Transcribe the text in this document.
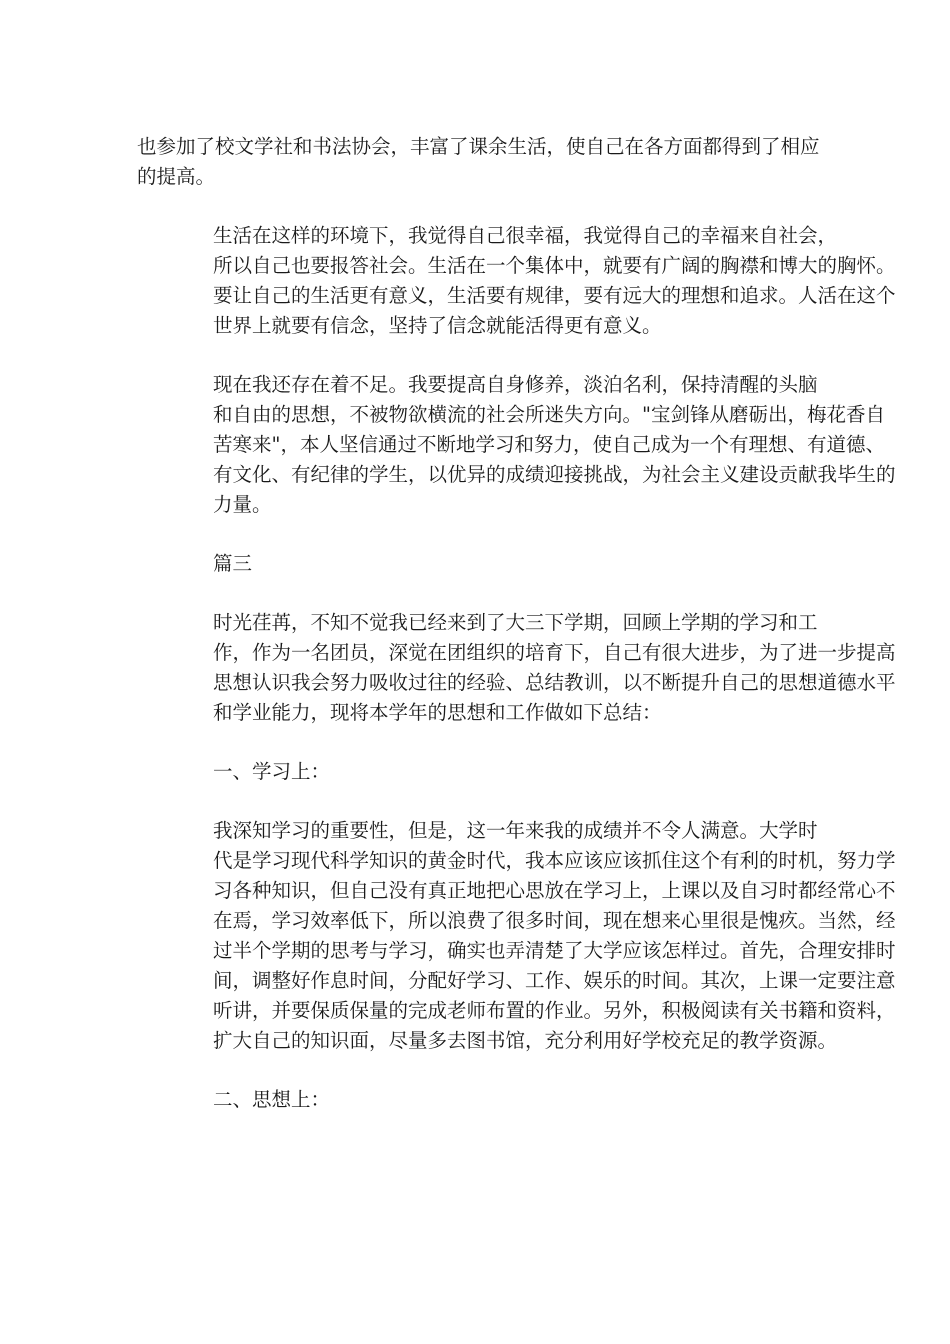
也参加了校文学社和书法协会，丰富了课余生活，使自己在各方面都得到了相应
的提高。

生活在这样的环境下，我觉得自己很幸福，我觉得自己的幸福来自社会，
所以自己也要报答社会。生活在一个集体中，就要有广阔的胸襟和博大的胸怀。
要让自己的生活更有意义，生活要有规律，要有远大的理想和追求。人活在这个
世界上就要有信念，坚持了信念就能活得更有意义。

现在我还存在着不足。我要提高自身修养，淡泊名利，保持清醒的头脑
和自由的思想，不被物欲横流的社会所迷失方向。"宝剑锋从磨砺出，梅花香自
苦寒来"，本人坚信通过不断地学习和努力，使自己成为一个有理想、有道德、
有文化、有纪律的学生，以优异的成绩迎接挑战，为社会主义建设贡献我毕生的
力量。

篇三

时光荏苒，不知不觉我已经来到了大三下学期，回顾上学期的学习和工
作，作为一名团员，深觉在团组织的培育下，自己有很大进步，为了进一步提高
思想认识我会努力吸收过往的经验、总结教训，以不断提升自己的思想道德水平
和学业能力，现将本学年的思想和工作做如下总结：

一、学习上：

我深知学习的重要性，但是，这一年来我的成绩并不令人满意。大学时
代是学习现代科学知识的黄金时代，我本应该应该抓住这个有利的时机，努力学
习各种知识，但自己没有真正地把心思放在学习上，上课以及自习时都经常心不
在焉，学习效率低下，所以浪费了很多时间，现在想来心里很是愧疚。当然，经
过半个学期的思考与学习，确实也弄清楚了大学应该怎样过。首先，合理安排时
间，调整好作息时间，分配好学习、工作、娱乐的时间。其次，上课一定要注意
听讲，并要保质保量的完成老师布置的作业。另外，积极阅读有关书籍和资料，
扩大自己的知识面，尽量多去图书馆，充分利用好学校充足的教学资源。

二、思想上：
